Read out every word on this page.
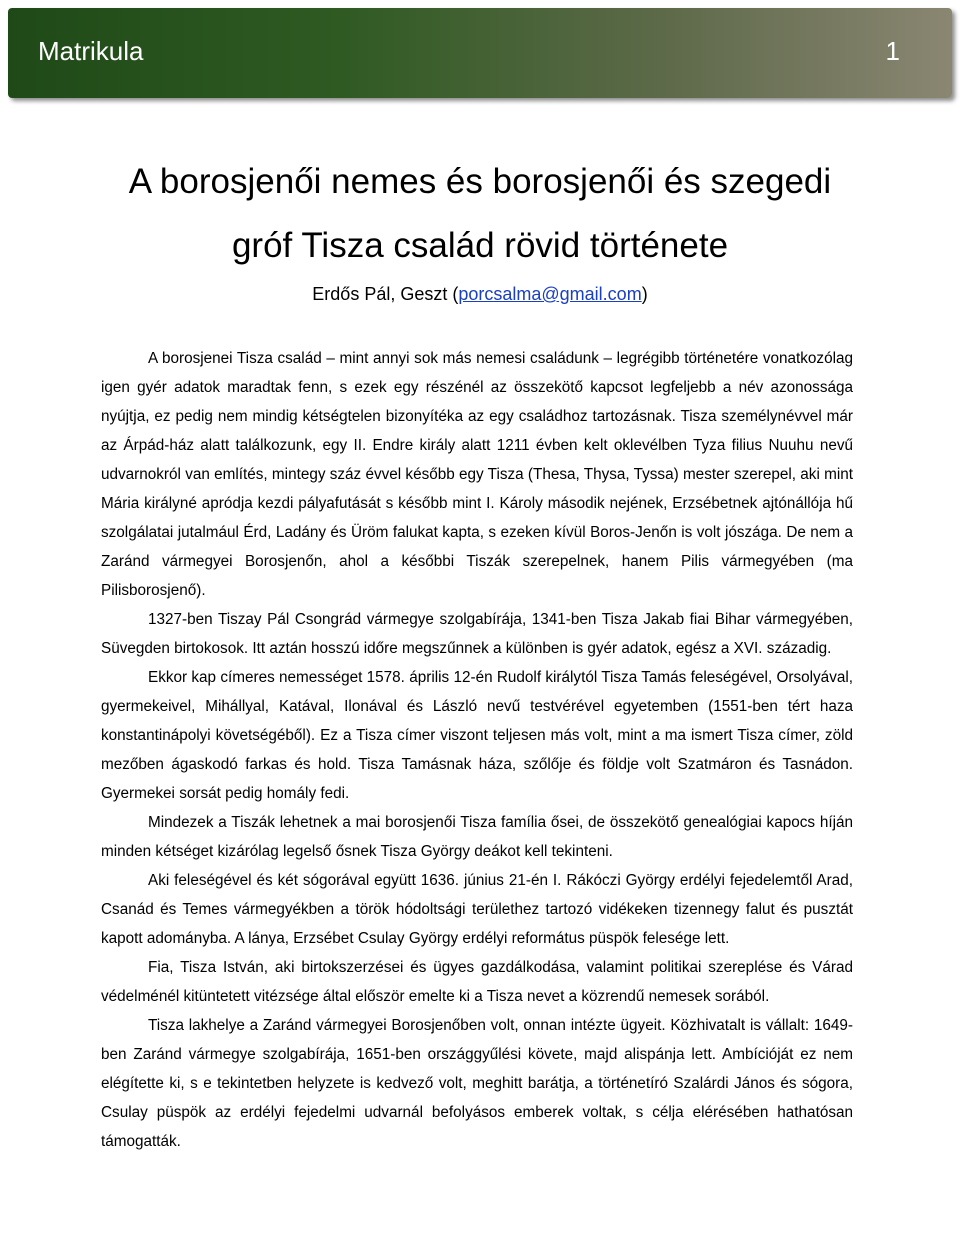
Matrikula	1
A borosjenői nemes és borosjenői és szegedi
gróf Tisza család rövid története
Erdős Pál, Geszt (porcsalma@gmail.com)

A borosjenei Tisza család – mint annyi sok más nemesi családunk – legrégibb történetére vonatkozólag igen gyér adatok maradtak fenn, s ezek egy részénél az összekötő kapcsot legfeljebb a név azonossága nyújtja, ez pedig nem mindig kétségtelen bizonyítéka az egy családhoz tartozásnak. Tisza személynévvel már az Árpád-ház alatt találkozunk, egy II. Endre király alatt 1211 évben kelt oklevélben Tyza filius Nuuhu nevű udvarnokról van említés, mintegy száz évvel később egy Tisza (Thesa, Thysa, Tyssa) mester szerepel, aki mint Mária királyné apródja kezdi pályafutását s később mint I. Károly második nejének, Erzsébetnek ajtónállója hű szolgálatai jutalmául Érd, Ladány és Üröm falukat kapta, s ezeken kívül Boros-Jenőn is volt jószága. De nem a Zaránd vármegyei Borosjenőn, ahol a későbbi Tiszák szerepelnek, hanem Pilis vármegyében (ma Pilisborosjenő).

1327-ben Tiszay Pál Csongrád vármegye szolgabírája, 1341-ben Tisza Jakab fiai Bihar vármegyében, Süvegden birtokosok. Itt aztán hosszú időre megszűnnek a különben is gyér adatok, egész a XVI. századig.

Ekkor kap címeres nemességet 1578. április 12-én Rudolf királytól Tisza Tamás feleségével, Orsolyával, gyermekeivel, Mihállyal, Katával, Ilonával és László nevű testvérével egyetemben (1551-ben tért haza konstantinápolyi követségéből). Ez a Tisza címer viszont teljesen más volt, mint a ma ismert Tisza címer, zöld mezőben ágaskodó farkas és hold. Tisza Tamásnak háza, szőlője és földje volt Szatmáron és Tasnádon. Gyermekei sorsát pedig homály fedi.

Mindezek a Tiszák lehetnek a mai borosjenői Tisza família ősei, de összekötő genealógiai kapocs híján minden kétséget kizárólag legelső ősnek Tisza György deákot kell tekinteni.

Aki feleségével és két sógorával együtt 1636. június 21-én I. Rákóczi György erdélyi fejedelemtől Arad, Csanád és Temes vármegyékben a török hódoltsági területhez tartozó vidékeken tizennegy falut és pusztát kapott adományba. A lánya, Erzsébet Csulay György erdélyi református püspök felesége lett.

Fia, Tisza István, aki birtokszerzései és ügyes gazdálkodása, valamint politikai szereplése és Várad védelménél kitüntetett vitézsége által először emelte ki a Tisza nevet a közrendű nemesek sorából.

Tisza lakhelye a Zaránd vármegyei Borosjenőben volt, onnan intézte ügyeit. Közhivatalt is vállalt: 1649-ben Zaránd vármegye szolgabírája, 1651-ben országgyűlési követe, majd alispánja lett. Ambícióját ez nem elégítette ki, s e tekintetben helyzete is kedvező volt, meghitt barátja, a történetíró Szalárdi János és sógora, Csulay püspök az erdélyi fejedelmi udvarnál befolyásos emberek voltak, s célja elérésében hathatósan támogatták.
